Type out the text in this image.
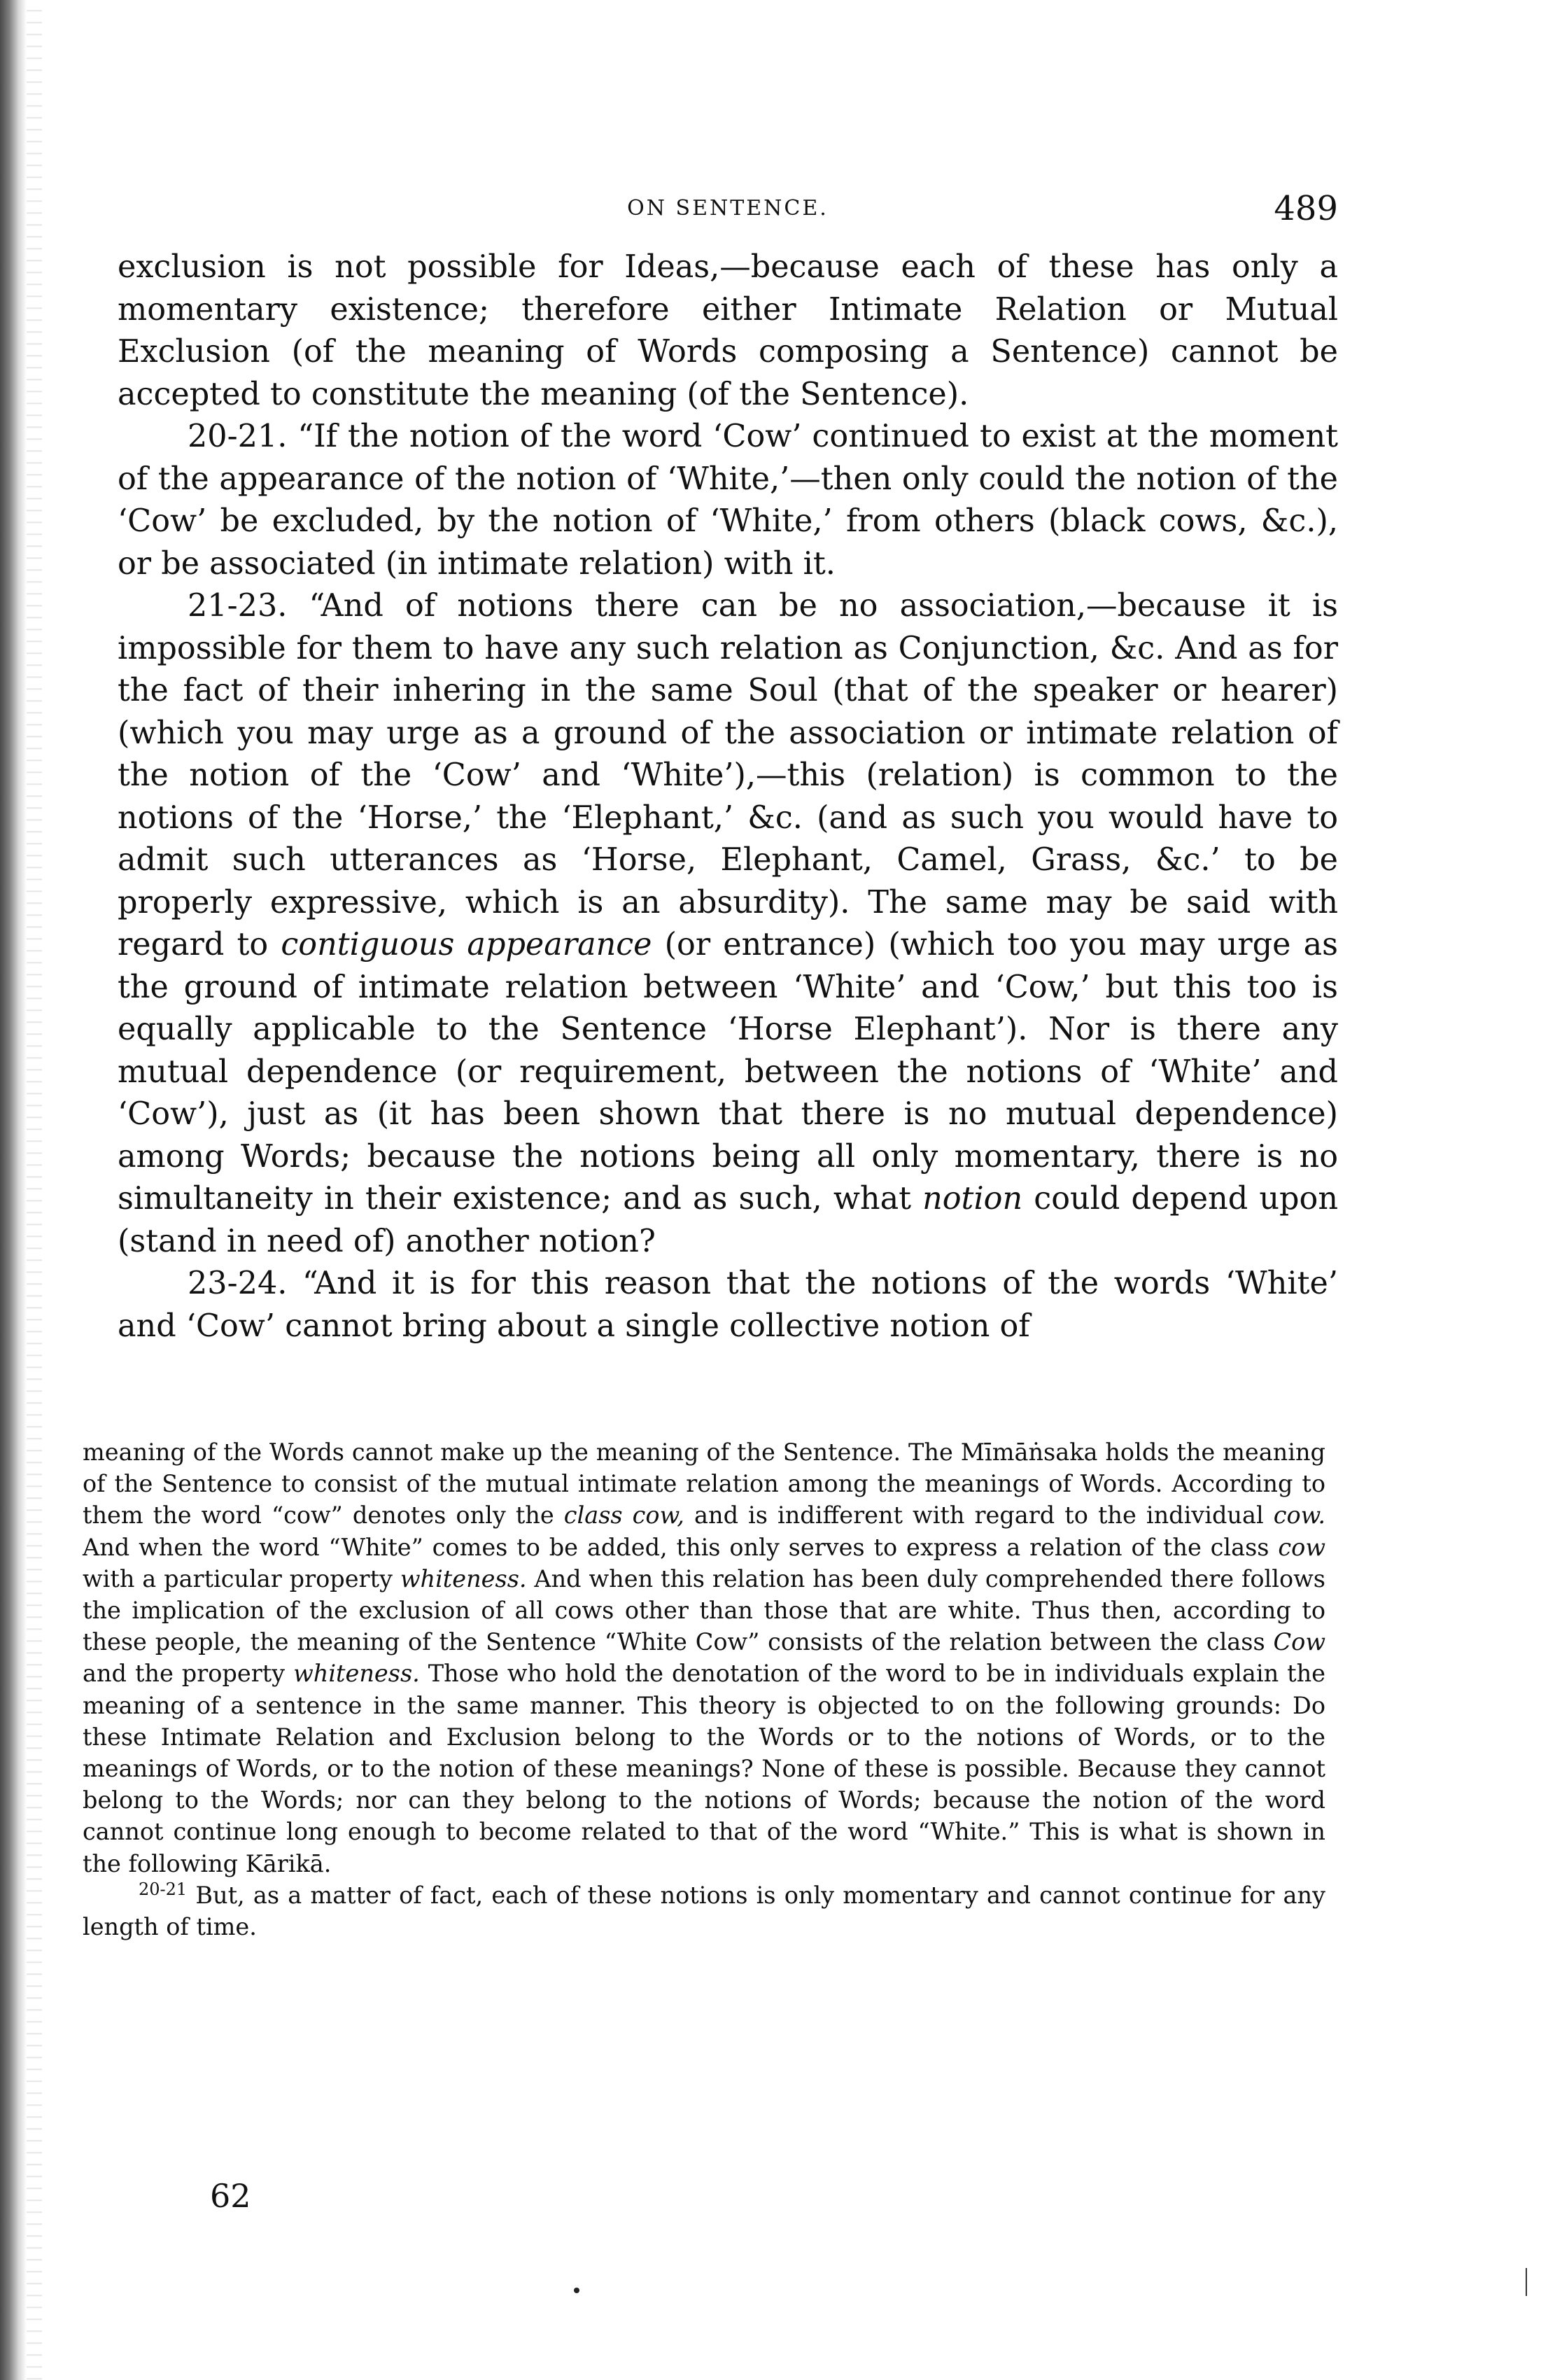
ON SENTENCE.	489

exclusion is not possible for Ideas,—because each of these has only a momentary existence; therefore either Intimate Relation or Mutual Exclusion (of the meaning of Words composing a Sentence) cannot be accepted to constitute the meaning (of the Sentence).

20-21. “If the notion of the word ‘Cow’ continued to exist at the moment of the appearance of the notion of ‘White,’—then only could the notion of the ‘Cow’ be excluded, by the notion of ‘White,’ from others (black cows, &c.), or be associated (in intimate relation) with it.

21-23. “And of notions there can be no association,—because it is impossible for them to have any such relation as Conjunction, &c. And as for the fact of their inhering in the same Soul (that of the speaker or hearer) (which you may urge as a ground of the association or intimate relation of the notion of the ‘Cow’ and ‘White’),—this (relation) is common to the notions of the ‘Horse,’ the ‘Elephant,’ &c. (and as such you would have to admit such utterances as ‘Horse, Elephant, Camel, Grass, &c.’ to be properly expressive, which is an absurdity). The same may be said with regard to contiguous appearance (or entrance) (which too you may urge as the ground of intimate relation between ‘White’ and ‘Cow,’ but this too is equally applicable to the Sentence ‘Horse Elephant’). Nor is there any mutual dependence (or requirement, between the notions of ‘White’ and ‘Cow’), just as (it has been shown that there is no mutual dependence) among Words; because the notions being all only momentary, there is no simultaneity in their existence; and as such, what notion could depend upon (stand in need of) another notion?

23-24. “And it is for this reason that the notions of the words ‘White’ and ‘Cow’ cannot bring about a single collective notion of

meaning of the Words cannot make up the meaning of the Sentence. The Mīmāṅsaka holds the meaning of the Sentence to consist of the mutual intimate relation among the meanings of Words. According to them the word “cow” denotes only the class cow, and is indifferent with regard to the individual cow. And when the word “White” comes to be added, this only serves to express a relation of the class cow with a particular property whiteness. And when this relation has been duly comprehended there follows the implication of the exclusion of all cows other than those that are white. Thus then, according to these people, the meaning of the Sentence “White Cow” consists of the relation between the class Cow and the property whiteness. Those who hold the denotation of the word to be in individuals explain the meaning of a sentence in the same manner. This theory is objected to on the following grounds: Do these Intimate Relation and Exclusion belong to the Words or to the notions of Words, or to the meanings of Words, or to the notion of these meanings? None of these is possible. Because they cannot belong to the Words; nor can they belong to the notions of Words; because the notion of the word cannot continue long enough to become related to that of the word “White.” This is what is shown in the following Kārikā.

$^{20-21}$ But, as a matter of fact, each of these notions is only momentary and cannot continue for any length of time.

62
